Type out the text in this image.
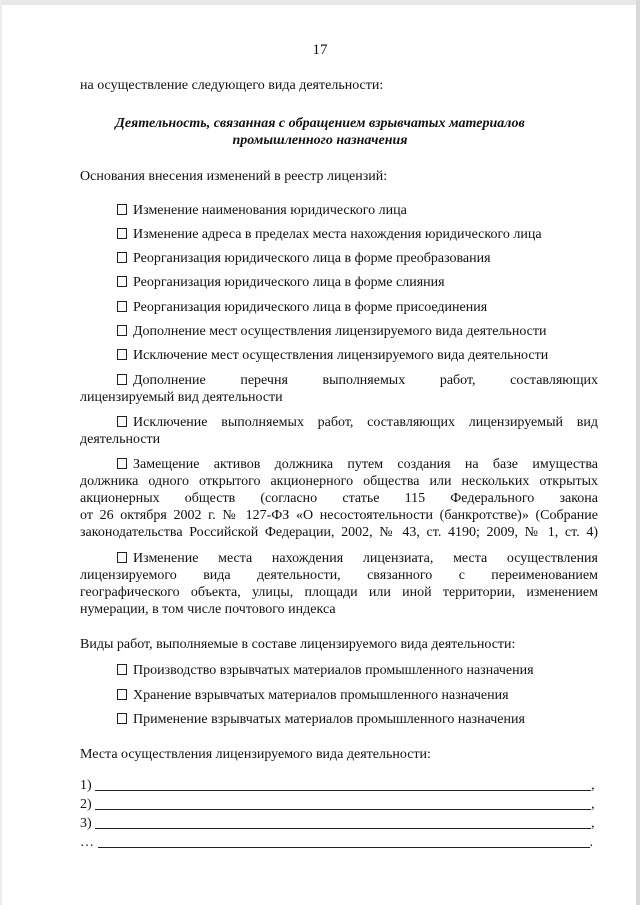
17
на осуществление следующего вида деятельности:
Деятельность, связанная с обращением взрывчатых материалов
промышленного назначения
Основания внесения изменений в реестр лицензий:
Изменение наименования юридического лица
Изменение адреса в пределах места нахождения юридического лица
Реорганизация юридического лица в форме преобразования
Реорганизация юридического лица в форме слияния
Реорганизация юридического лица в форме присоединения
Дополнение мест осуществления лицензируемого вида деятельности
Исключение мест осуществления лицензируемого вида деятельности
Дополнение перечня выполняемых работ, составляющих
лицензируемый вид деятельности
Исключение выполняемых работ, составляющих лицензируемый вид
деятельности
Замещение активов должника путем создания на базе имущества
должника одного открытого акционерного общества или нескольких открытых
акционерных обществ (согласно статье 115 Федерального закона
от 26 октября 2002 г. № 127-ФЗ «О несостоятельности (банкротстве)» (Собрание
законодательства Российской Федерации, 2002, № 43, ст. 4190; 2009, № 1, ст. 4)
Изменение места нахождения лицензиата, места осуществления
лицензируемого вида деятельности, связанного с переименованием
географического объекта, улицы, площади или иной территории, изменением
нумерации, в том числе почтового индекса
Виды работ, выполняемые в составе лицензируемого вида деятельности:
Производство взрывчатых материалов промышленного назначения
Хранение взрывчатых материалов промышленного назначения
Применение взрывчатых материалов промышленного назначения
Места осуществления лицензируемого вида деятельности:
1)	,
2)	,
3)	,
…	.
